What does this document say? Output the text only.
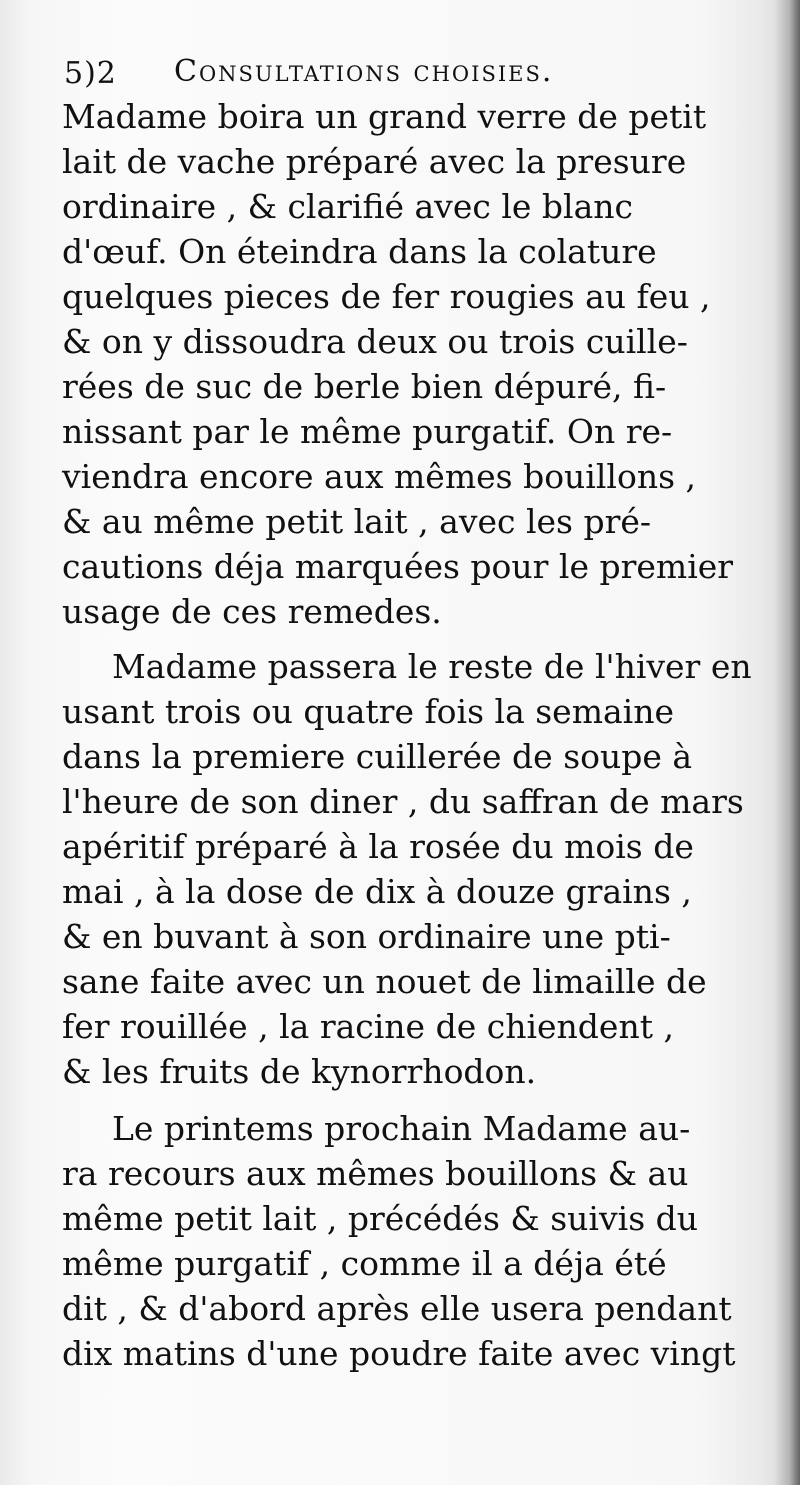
5)2 Consultations choisies.
Madame boira un grand verre de petit
lait de vache préparé avec la presure
ordinaire , & clarifié avec le blanc
d'œuf. On éteindra dans la colature
quelques pieces de fer rougies au feu ,
& on y dissoudra deux ou trois cuille-
rées de suc de berle bien dépuré, fi-
nissant par le même purgatif. On re-
viendra encore aux mêmes bouillons ,
& au même petit lait , avec les pré-
cautions déja marquées pour le premier
usage de ces remedes.
Madame passera le reste de l'hiver en
usant trois ou quatre fois la semaine
dans la premiere cuillerée de soupe à
l'heure de son diner , du saffran de mars
apéritif préparé à la rosée du mois de
mai , à la dose de dix à douze grains ,
& en buvant à son ordinaire une pti-
sane faite avec un nouet de limaille de
fer rouillée , la racine de chiendent ,
& les fruits de kynorrhodon.
Le printems prochain Madame au-
ra recours aux mêmes bouillons & au
même petit lait , précédés & suivis du
même purgatif , comme il a déja été
dit , & d'abord après elle usera pendant
dix matins d'une poudre faite avec vingt
